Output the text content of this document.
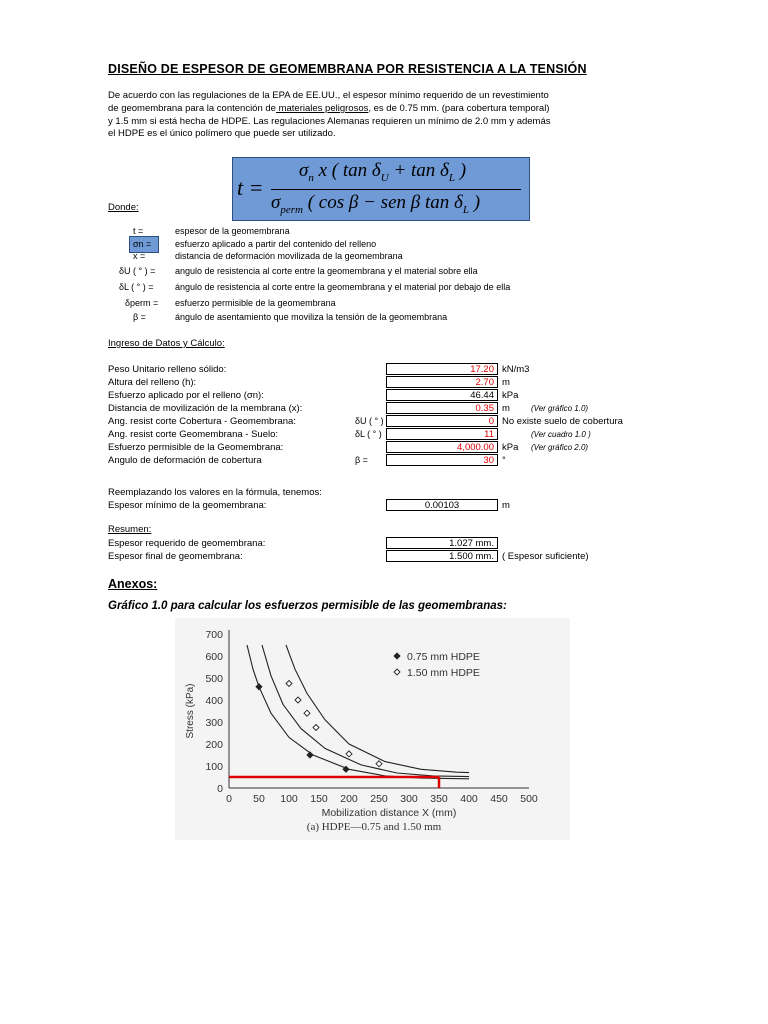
DISEÑO DE ESPESOR DE GEOMEMBRANA POR RESISTENCIA A LA TENSIÓN
De acuerdo con las regulaciones de la EPA de EE.UU., el espesor mínimo requerido de un revestimiento
de geomembrana para la contención de materiales peligrosos, es de 0.75 mm. (para cobertura temporal)
y 1.5 mm si está hecha de HDPE. Las regulaciones Alemanas requieren un mínimo de 2.0 mm y además
el HDPE es el único polímero que puede ser utilizado.
t =
$\sigma_n$ x ( $\tan \delta_U + \tan \delta_L$ )
$\sigma_{perm}$ ( cos β − sen β $\tan \delta_L$ )
Donde:
t =	espesor de la geomembrana
σn =	esfuerzo aplicado a partir del contenido del relleno
x =	distancia de deformación movilizada de la geomembrana
δU ( ° ) = angulo de resistencia al corte entre la geomembrana y el material sobre ella
δL ( ° ) = ángulo de resistencia al corte entre la geomembrana y el material por debajo de ella
δperm = esfuerzo permisible de la geomembrana
β =	ángulo de asentamiento que moviliza la tensión de la geomembrana
Ingreso de Datos y Cálculo:
Peso Unitario relleno sólido:	17.20 kN/m3
Altura del relleno (h):	2.70 m
Esfuerzo aplicado por el relleno (σn):	46.44 kPa
Distancia de movilización de la membrana (x):	0.35 m	(Ver gráfico 1.0)
Ang. resist corte Cobertura - Geomembrana:	δU ( ° )	0 No existe suelo de cobertura
Ang. resist corte Geomembrana - Suelo:	δL ( ° )	11	(Ver cuadro 1.0 )
Esfuerzo permisible de la Geomembrana:	4,000.00 kPa (Ver gráfico 2.0)
Angulo de deformación de cobertura	β =	30 °
Reemplazando los valores en la fórmula, tenemos:
Espesor mínimo de la geomembrana:	0.00103	m
Resumen:
Espesor requerido de geomembrana:	1.027 mm.
Espesor final de geomembrana:	1.500 mm. ( Espesor suficiente)
Anexos:
Gráfico 1.0 para calcular los esfuerzos permisible de las geomembranas:
0
100
200
300
400
500
600
700
0 50 100 150 200 250 300 350 400 450 500
Stress (kPa)
Mobilization distance X (mm)
(a) HDPE—0.75 and 1.50 mm
0.75 mm HDPE
1.50 mm HDPE
